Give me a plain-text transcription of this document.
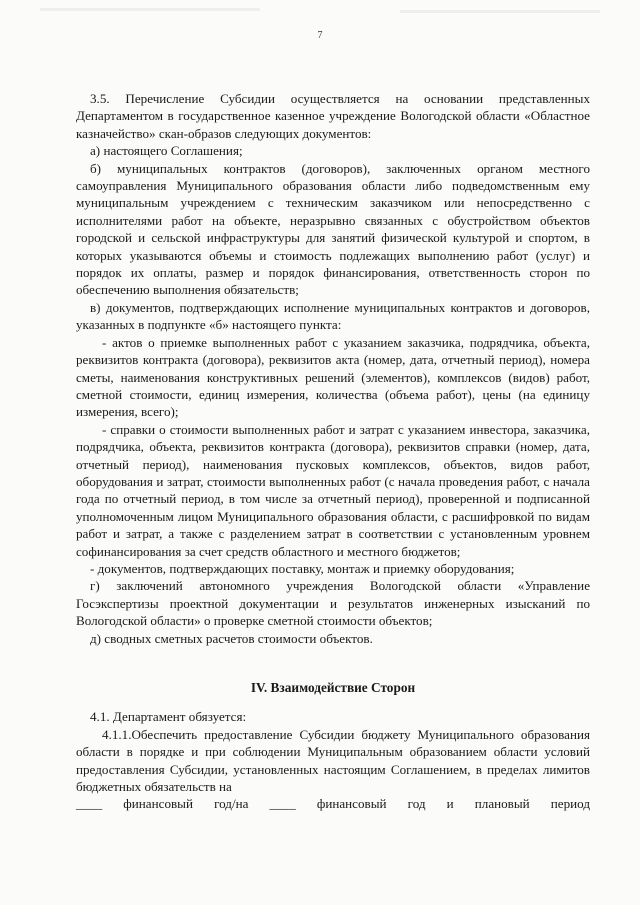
7

3.5. Перечисление Субсидии осуществляется на основании представленных Департаментом в государственное казенное учреждение Вологодской области «Областное казначейство» скан-образов следующих документов:

а) настоящего Соглашения;

б) муниципальных контрактов (договоров), заключенных органом местного самоуправления Муниципального образования области либо подведомственным ему муниципальным учреждением с техническим заказчиком или непосредственно с исполнителями работ на объекте, неразрывно связанных с обустройством объектов городской и сельской инфраструктуры для занятий физической культурой и спортом, в которых указываются объемы и стоимость подлежащих выполнению работ (услуг) и порядок их оплаты, размер и порядок финансирования, ответственность сторон по обеспечению выполнения обязательств;

в) документов, подтверждающих исполнение муниципальных контрактов и договоров, указанных в подпункте «б» настоящего пункта:

- актов о приемке выполненных работ с указанием заказчика, подрядчика, объекта, реквизитов контракта (договора), реквизитов акта (номер, дата, отчетный период), номера сметы, наименования конструктивных решений (элементов), комплексов (видов) работ, сметной стоимости, единиц измерения, количества (объема работ), цены (на единицу измерения, всего);

- справки о стоимости выполненных работ и затрат с указанием инвестора, заказчика, подрядчика, объекта, реквизитов контракта (договора), реквизитов справки (номер, дата, отчетный период), наименования пусковых комплексов, объектов, видов работ, оборудования и затрат, стоимости выполненных работ (с начала проведения работ, с начала года по отчетный период, в том числе за отчетный период), проверенной и подписанной уполномоченным лицом Муниципального образования области, с расшифровкой по видам работ и затрат, а также с разделением затрат в соответствии с установленным уровнем софинансирования за счет средств областного и местного бюджетов;

- документов, подтверждающих поставку, монтаж и приемку оборудования;

г) заключений автономного учреждения Вологодской области «Управление Госэкспертизы проектной документации и результатов инженерных изысканий по Вологодской области» о проверке сметной стоимости объектов;

д) сводных сметных расчетов стоимости объектов.

IV. Взаимодействие Сторон

4.1. Департамент обязуется:

4.1.1.Обеспечить предоставление Субсидии бюджету Муниципального образования области в порядке и при соблюдении Муниципальным образованием области условий предоставления Субсидии, установленных настоящим Соглашением, в пределах лимитов бюджетных обязательств на

____ финансовый год/на ____ финансовый год и плановый период
